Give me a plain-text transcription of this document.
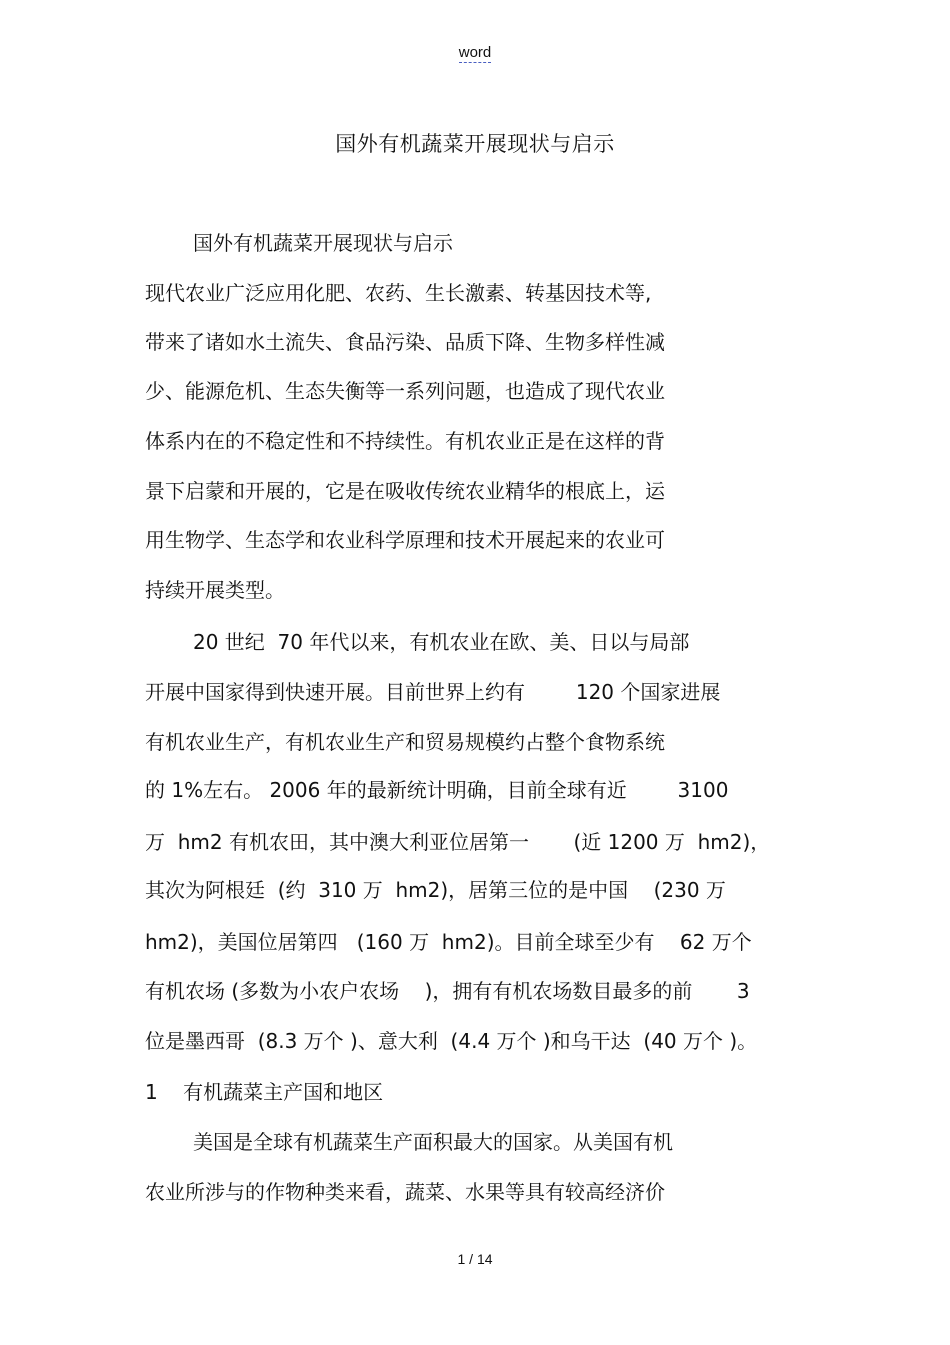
word
国外有机蔬菜开展现状与启示
国外有机蔬菜开展现状与启示
现代农业广泛应用化肥、农药、生长激素、转基因技术等,
带来了诸如水土流失、食品污染、品质下降、生物多样性减
少、能源危机、生态失衡等一系列问题，也造成了现代农业
体系内在的不稳定性和不持续性。有机农业正是在这样的背
景下启蒙和开展的，它是在吸收传统农业精华的根底上，运
用生物学、生态学和农业科学原理和技术开展起来的农业可
持续开展类型。
20 世纪  70 年代以来，有机农业在欧、美、日以与局部
开展中国家得到快速开展。目前世界上约有        120 个国家进展
有机农业生产，有机农业生产和贸易规模约占整个食物系统
的 1%左右。 2006 年的最新统计明确，目前全球有近        3100
万  hm2 有机农田，其中澳大利亚位居第一       (近 1200 万  hm2)，
其次为阿根廷  (约  310 万  hm2)，居第三位的是中国    (230 万
hm2)，美国位居第四   (160 万  hm2)。目前全球至少有    62 万个
有机农场 (多数为小农户农场    )，拥有有机农场数目最多的前       3
位是墨西哥  (8.3 万个 )、意大利  (4.4 万个 )和乌干达  (40 万个 )。
1    有机蔬菜主产国和地区
美国是全球有机蔬菜生产面积最大的国家。从美国有机
农业所涉与的作物种类来看，蔬菜、水果等具有较高经济价
1 / 14
